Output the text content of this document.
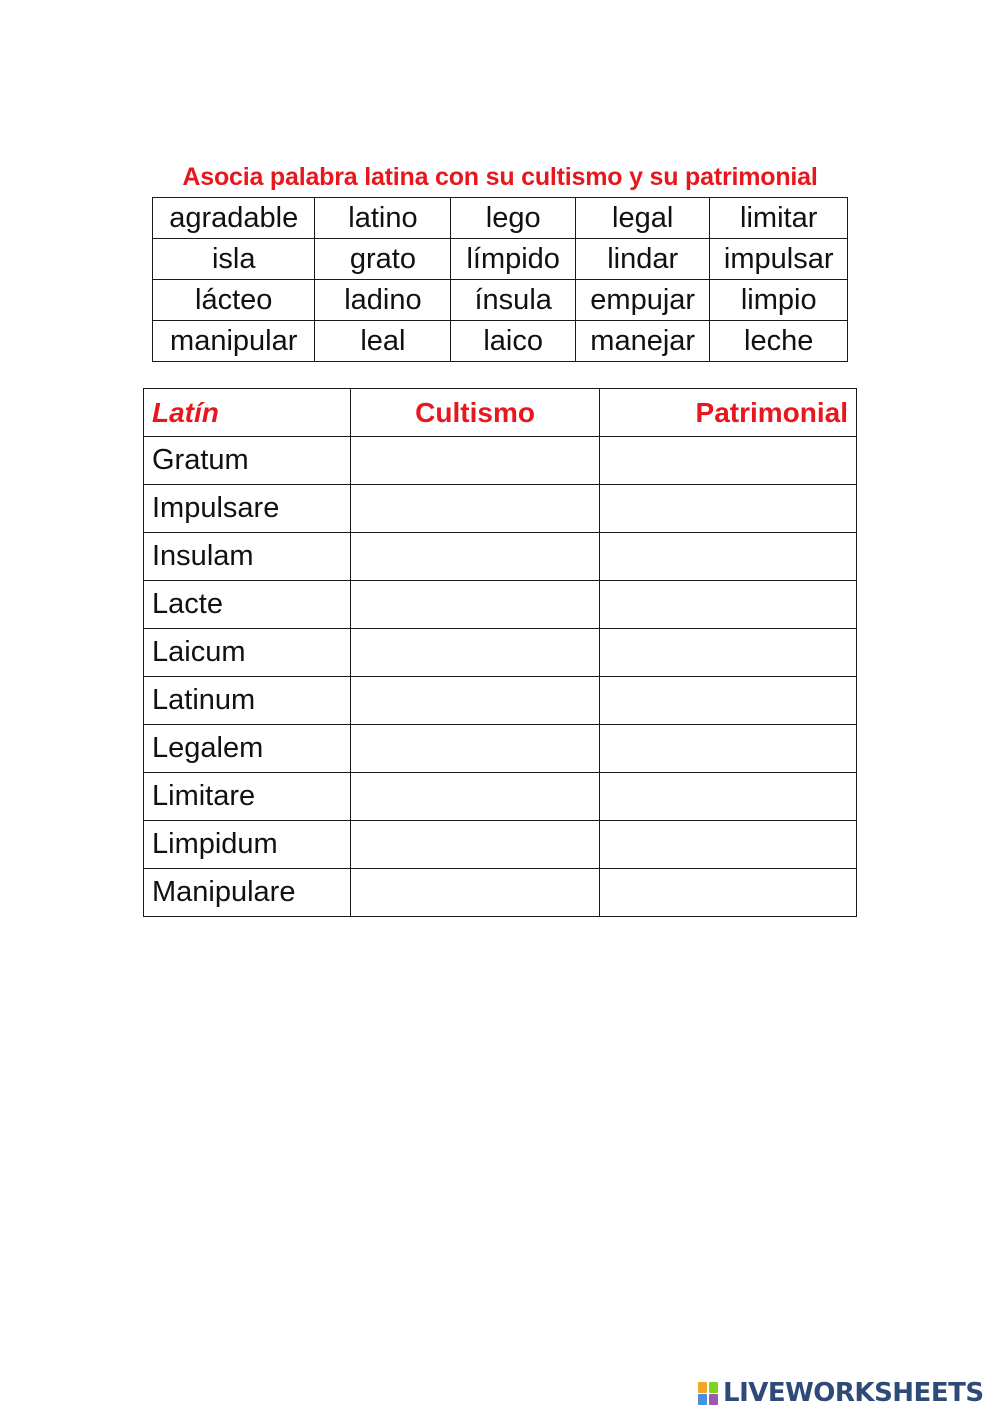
Asocia palabra latina con su cultismo y su patrimonial
agradable	latino	lego	legal	limitar
isla	grato	límpido	lindar	impulsar
lácteo	ladino	ínsula	empujar	limpio
manipular	leal	laico	manejar	leche
Latín	Cultismo	Patrimonial
Gratum		
Impulsare		
Insulam		
Lacte		
Laicum		
Latinum		
Legalem		
Limitare		
Limpidum		
Manipulare		
LIVEWORKSHEETS
